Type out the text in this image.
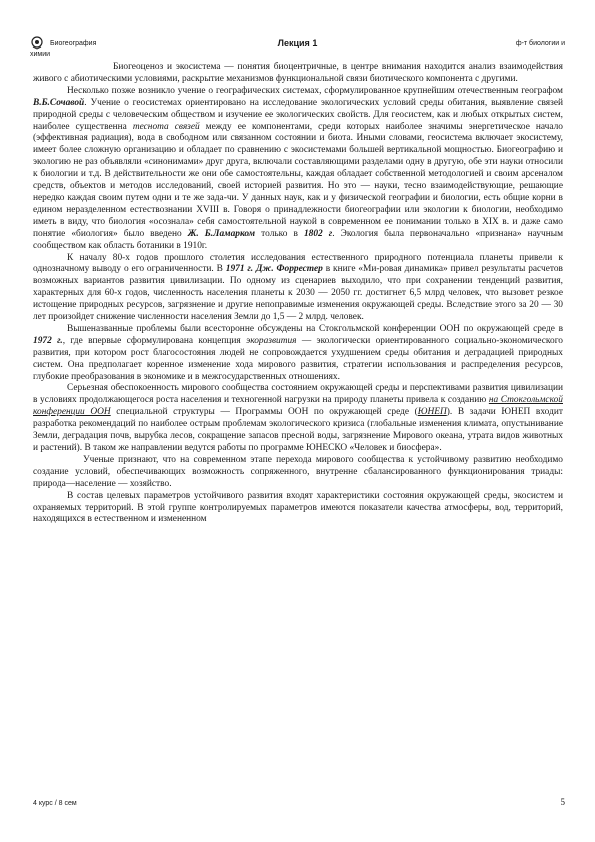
Биогеография
химии
Лекция 1	ф-т биологии и

Биогеоценоз и экосистема — понятия биоцентричные, в центре внимания находится анализ взаимодействия живого с абиотическими условиями, раскрытие механизмов функциональной связи биотического компонента с другими.

Несколько позже возникло учение о географических системах, сформулированное крупнейшим отечественным географом В.Б.Сочавой. Учение о геосистемах ориентировано на исследование экологических условий среды обитания, выявление связей природной среды с человеческим обществом и изучение ее экологических свойств. Для геосистем, как и любых открытых систем, наиболее существенна теснота связей между ее компонентами, среди которых наиболее значимы энергетическое начало (эффективная радиация), вода в свободном или связанном состоянии и биота. Иными словами, геосистема включает экосистему, имеет более сложную организацию и обладает по сравнению с экосистемами большей вертикальной мощностью. Биогеографию и экологию не раз объявляли «синонимами» друг друга, включали составляющими разделами одну в другую, обе эти науки относили к биологии и т.д. В действительности же они обе самостоятельны, каждая обладает собственной методологией и своим арсеналом средств, объектов и методов исследований, своей историей развития. Но это — науки, тесно взаимодействующие, решающие нередко каждая своим путем одни и те же зада-чи. У данных наук, как и у физической географии и биологии, есть общие корни в едином неразделенном естествознании XVIII в. Говоря о принадлежности биогеографии или экологии к биологии, необходимо иметь в виду, что биология «осознала» себя самостоятельной наукой в современном ее понимании только в XIX в. и даже само понятие «биология» было введено Ж. Б.Ламарком только в 1802 г. Экология была первоначально «признана» научным сообществом как область ботаники в 1910г.

К началу 80-х годов прошлого столетия исследования естественного природного потенциала планеты привели к однозначному выводу о его ограниченности. В 1971 г. Дж. Форрестер в книге «Ми-ровая динамика» привел результаты расчетов возможных вариантов развития цивилизации. По одному из сценариев выходило, что при сохранении тенденций развития, характерных для 60-х годов, численность населения планеты к 2030 — 2050 гг. достигнет 6,5 млрд человек, что вызовет резкое истощение природных ресурсов, загрязнение и другие непоправимые изменения окружающей среды. Вследствие этого за 20 — 30 лет произойдет снижение численности населения Земли до 1,5 — 2 млрд. человек.

Вышеназванные проблемы были всесторонне обсуждены на Стокгольмской конференции ООН по окружающей среде в 1972 г., где впервые сформулирована концепция экоразвития — экологически ориентированного социально-экономического развития, при котором рост благосостояния людей не сопровождается ухудшением среды обитания и деградацией природных систем. Она предполагает коренное изменение хода мирового развития, стратегии использования и распределения ресурсов, глубокие преобразования в экономике и в межгосударственных отношениях.

Серьезная обеспокоенность мирового сообщества состоянием окружающей среды и перспективами развития цивилизации в условиях продолжающегося роста населения и техногенной нагрузки на природу планеты привела к созданию на Стокгольмской конференции ООН специальной структуры — Программы ООН по окружающей среде (ЮНЕП). В задачи ЮНЕП входит разработка рекомендаций по наиболее острым проблемам экологического кризиса (глобальные изменения климата, опустынивание Земли, деградация почв, вырубка лесов, сокращение запасов пресной воды, загрязнение Мирового океана, утрата видов животных и растений). В таком же направлении ведутся работы по программе ЮНЕСКО «Человек и биосфера».

Ученые признают, что на современном этапе перехода мирового сообщества к устойчивому развитию необходимо создание условий, обеспечивающих возможность сопряженного, внутренне сбалансированного функционирования триады: природа—население — хозяйство.

В состав целевых параметров устойчивого развития входят характеристики состояния окружающей среды, экосистем и охраняемых территорий. В этой группе контролируемых параметров имеются показатели качества атмосферы, вод, территорий, находящихся в естественном и измененном

4 курс / 8 сем	5
